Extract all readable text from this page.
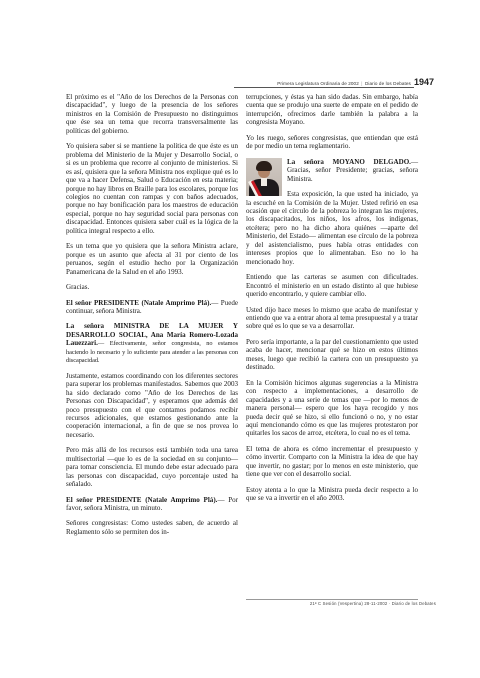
Primera Legislatura Ordinaria de 2002 | Diario de los Debates 1947

El próximo es el "Año de los Derechos de la Personas con discapacidad", y luego de la presencia de los señores ministros en la Comisión de Presupuesto no distinguimos que ése sea un tema que recorra transversalmente las políticas del gobierno.

Yo quisiera saber si se mantiene la política de que éste es un problema del Ministerio de la Mujer y Desarrollo Social, o si es un problema que recorre al conjunto de ministerios. Si es así, quisiera que la señora Ministra nos explique qué es lo que va a hacer Defensa, Salud o Educación en esta materia; porque no hay libros en Braille para los escolares, porque los colegios no cuentan con rampas y con baños adecuados, porque no hay bonificación para los maestros de educación especial, porque no hay seguridad social para personas con discapacidad. Entonces quisiera saber cuál es la lógica de la política integral respecto a ello.

Es un tema que yo quisiera que la señora Ministra aclare, porque es un asunto que afecta al 31 por ciento de los peruanos, según el estudio hecho por la Organización Panamericana de la Salud en el año 1993.

Gracias.

El señor PRESIDENTE (Natale Amprimo Plá).— Puede continuar, señora Ministra.

La señora MINISTRA DE LA MUJER Y DESARROLLO SOCIAL, Ana María Romero-Lozada Lauezzari.— Efectivamente, señor congresista, no estamos haciendo lo necesario y lo suficiente para atender a las personas con discapacidad.

Justamente, estamos coordinando con los diferentes sectores para superar los problemas manifestados. Sabemos que 2003 ha sido declarado como "Año de los Derechos de las Personas con Discapacidad", y esperamos que además del poco presupuesto con el que contamos podamos recibir recursos adicionales, que estamos gestionando ante la cooperación internacional, a fin de que se nos provea lo necesario.

Pero más allá de los recursos está también toda una tarea multisectorial —que lo es de la sociedad en su conjunto— para tomar consciencia. El mundo debe estar adecuado para las personas con discapacidad, cuyo porcentaje usted ha señalado.

El señor PRESIDENTE (Natale Amprimo Plá).— Por favor, señora Ministra, un minuto.

Señores congresistas: Como ustedes saben, de acuerdo al Reglamento sólo se permiten dos in-

terrupciones, y éstas ya han sido dadas. Sin embargo, había cuenta que se produjo una suerte de empate en el pedido de interrupción, ofrecimos darle también la palabra a la congresista Moyano.

Yo les ruego, señores congresistas, que entiendan que está de por medio un tema reglamentario.

La señora MOYANO DELGADO.— Gracias, señor Presidente; gracias, señora Ministra.

Esta exposición, la que usted ha iniciado, ya la escuché en la Comisión de la Mujer. Usted refirió en esa ocasión que el círculo de la pobreza lo integran las mujeres, los discapacitados, los niños, los afros, los indígenas, etcétera; pero no ha dicho ahora quiénes —aparte del Ministerio, del Estado— alimentan ese círculo de la pobreza y del asistencialismo, pues había otras entidades con intereses propios que lo alimentaban. Eso no lo ha mencionado hoy.

Entiendo que las carteras se asumen con dificultades. Encontró el ministerio en un estado distinto al que hubiese querido encontrarlo, y quiere cambiar ello.

Usted dijo hace meses lo mismo que acaba de manifestar y entiendo que va a entrar ahora al tema presupuestal y a tratar sobre qué es lo que se va a desarrollar.

Pero sería importante, a la par del cuestionamiento que usted acaba de hacer, mencionar qué se hizo en estos últimos meses, luego que recibió la cartera con un presupuesto ya destinado.

En la Comisión hicimos algunas sugerencias a la Ministra con respecto a implementaciones, a desarrollo de capacidades y a una serie de temas que —por lo menos de manera personal— espero que los haya recogido y nos pueda decir qué se hizo, si ello funcionó o no, y no estar aquí mencionando cómo es que las mujeres protestaron por quitarles los sacos de arroz, etcétera, lo cual no es el tema.

El tema de ahora es cómo incrementar el presupuesto y cómo invertir. Comparto con la Ministra la idea de que hay que invertir, no gastar; por lo menos en este ministerio, que tiene que ver con el desarrollo social.

Estoy atenta a lo que la Ministra pueda decir respecto a lo que se va a invertir en el año 2003.

21ª C Sesión (Vespertina) 28-11-2002 · Diario de los Debates
